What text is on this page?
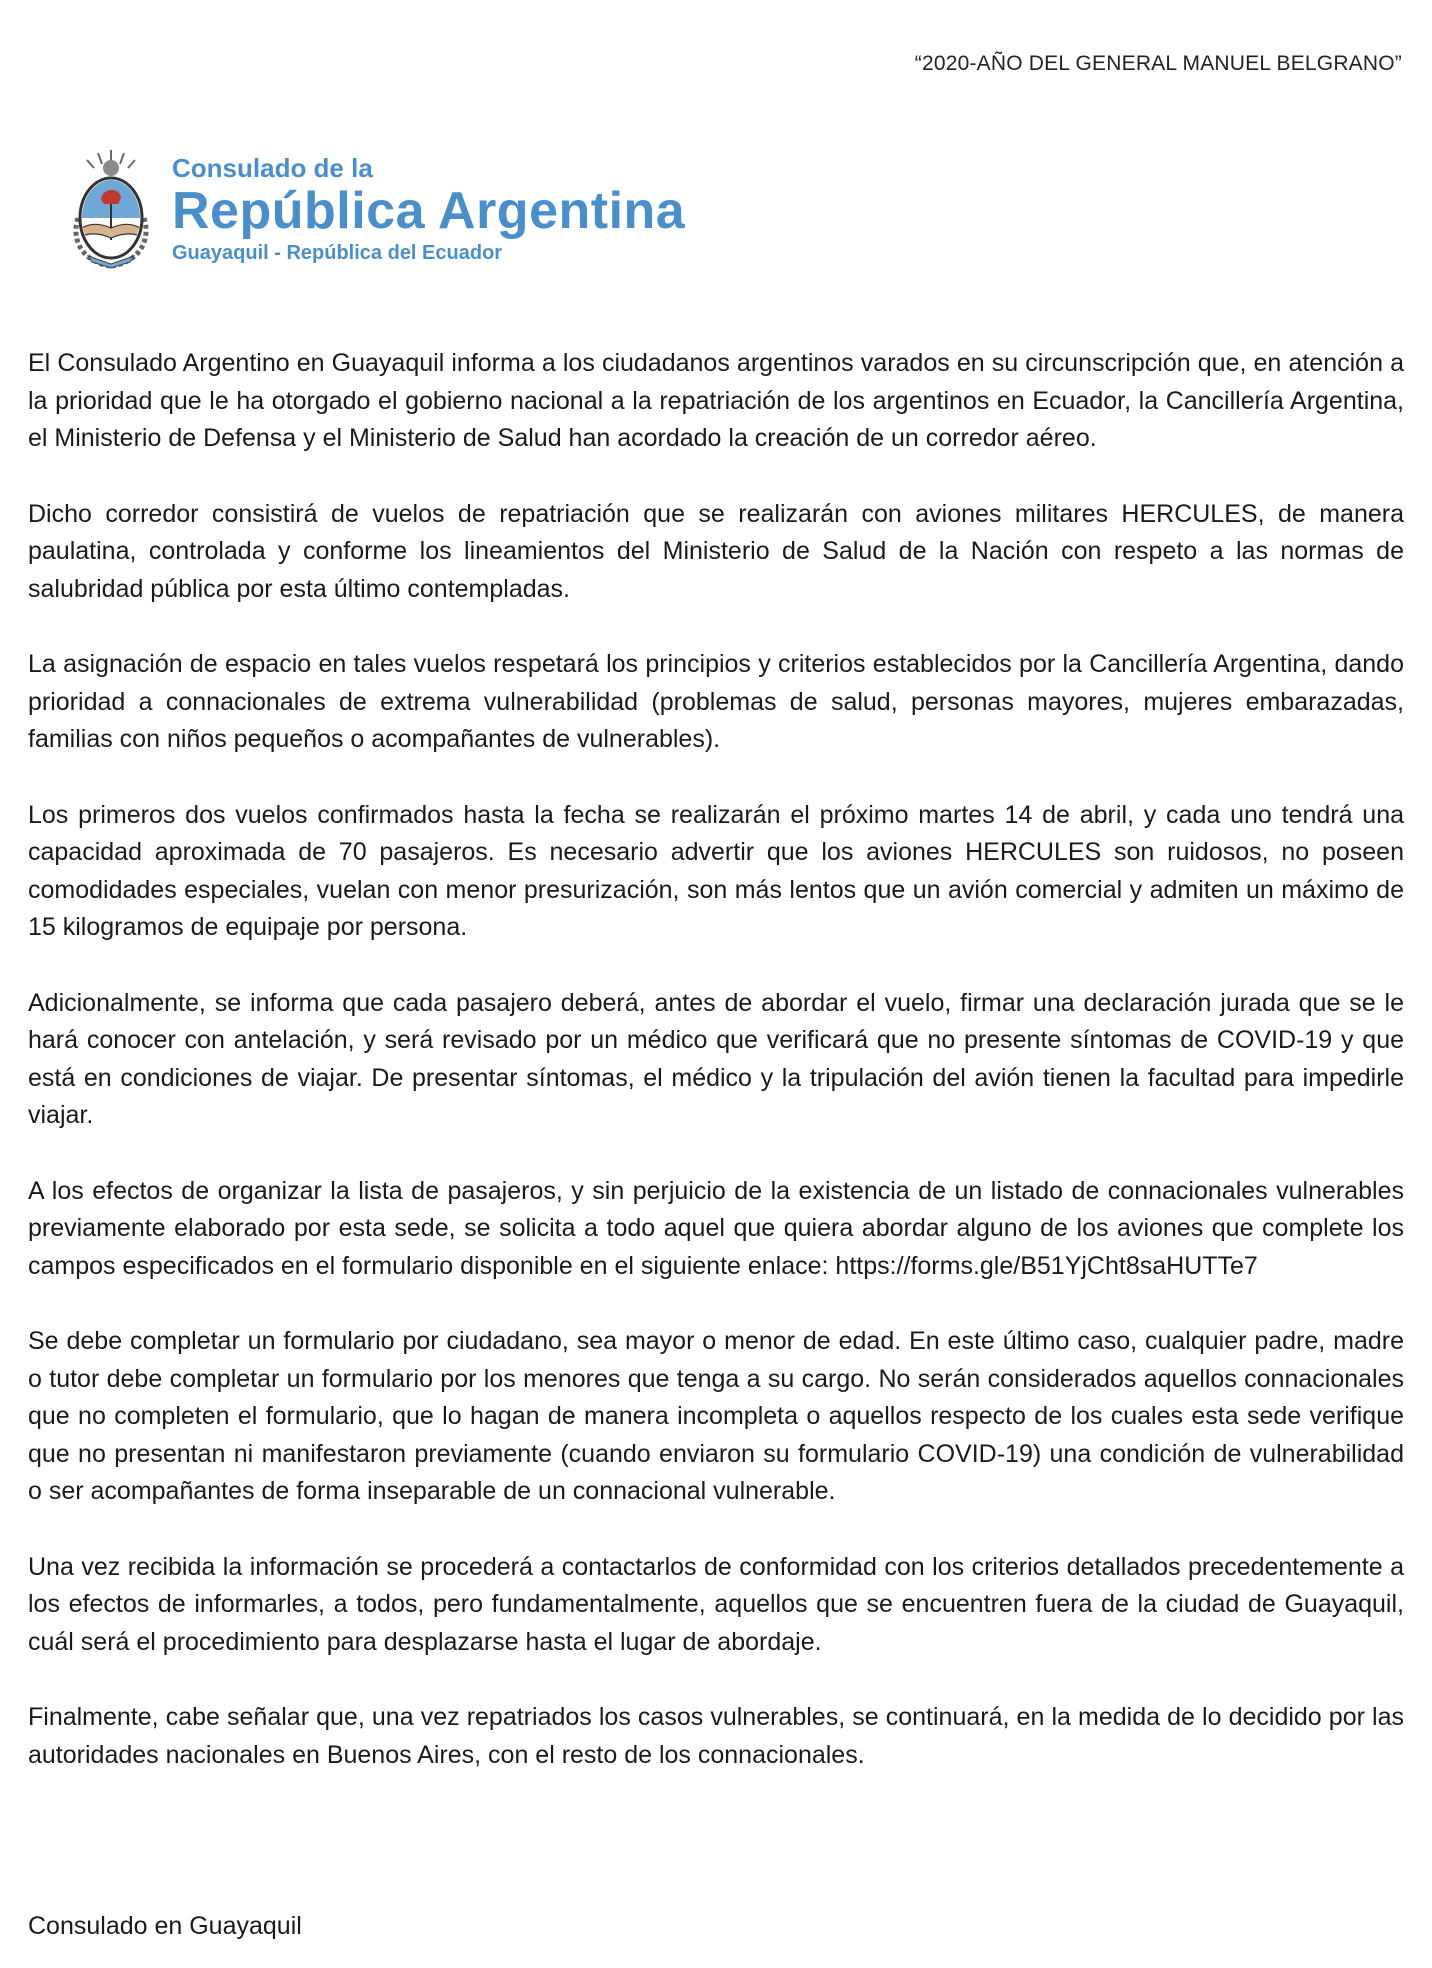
“2020-AÑO DEL GENERAL MANUEL BELGRANO”
Consulado de la
República Argentina
Guayaquil - República del Ecuador

El Consulado Argentino en Guayaquil informa a los ciudadanos argentinos varados en su circunscripción que, en atención a la prioridad que le ha otorgado el gobierno nacional a la repatriación de los argentinos en Ecuador, la Cancillería Argentina, el Ministerio de Defensa y el Ministerio de Salud han acordado la creación de un corredor aéreo.

Dicho corredor consistirá de vuelos de repatriación que se realizarán con aviones militares HERCULES, de manera paulatina, controlada y conforme los lineamientos del Ministerio de Salud de la Nación con respeto a las normas de salubridad pública por esta último contempladas.

La asignación de espacio en tales vuelos respetará los principios y criterios establecidos por la Cancillería Argentina, dando prioridad a connacionales de extrema vulnerabilidad (problemas de salud, personas mayores, mujeres embarazadas, familias con niños pequeños o acompañantes de vulnerables).

Los primeros dos vuelos confirmados hasta la fecha se realizarán el próximo martes 14 de abril, y cada uno tendrá una capacidad aproximada de 70 pasajeros. Es necesario advertir que los aviones HERCULES son ruidosos, no poseen comodidades especiales, vuelan con menor presurización, son más lentos que un avión comercial y admiten un máximo de 15 kilogramos de equipaje por persona.

Adicionalmente, se informa que cada pasajero deberá, antes de abordar el vuelo, firmar una declaración jurada que se le hará conocer con antelación, y será revisado por un médico que verificará que no presente síntomas de COVID-19 y que está en condiciones de viajar. De presentar síntomas, el médico y la tripulación del avión tienen la facultad para impedirle viajar.

A los efectos de organizar la lista de pasajeros, y sin perjuicio de la existencia de un listado de connacionales vulnerables previamente elaborado por esta sede, se solicita a todo aquel que quiera abordar alguno de los aviones que complete los campos especificados en el formulario disponible en el siguiente enlace: https://forms.gle/B51YjCht8saHUTTe7

Se debe completar un formulario por ciudadano, sea mayor o menor de edad. En este último caso, cualquier padre, madre o tutor debe completar un formulario por los menores que tenga a su cargo. No serán considerados aquellos connacionales que no completen el formulario, que lo hagan de manera incompleta o aquellos respecto de los cuales esta sede verifique que no presentan ni manifestaron previamente (cuando enviaron su formulario COVID-19) una condición de vulnerabilidad o ser acompañantes de forma inseparable de un connacional vulnerable.

Una vez recibida la información se procederá a contactarlos de conformidad con los criterios detallados precedentemente a los efectos de informarles, a todos, pero fundamentalmente, aquellos que se encuentren fuera de la ciudad de Guayaquil, cuál será el procedimiento para desplazarse hasta el lugar de abordaje.

Finalmente, cabe señalar que, una vez repatriados los casos vulnerables, se continuará, en la medida de lo decidido por las autoridades nacionales en Buenos Aires, con el resto de los connacionales.

Consulado en Guayaquil
